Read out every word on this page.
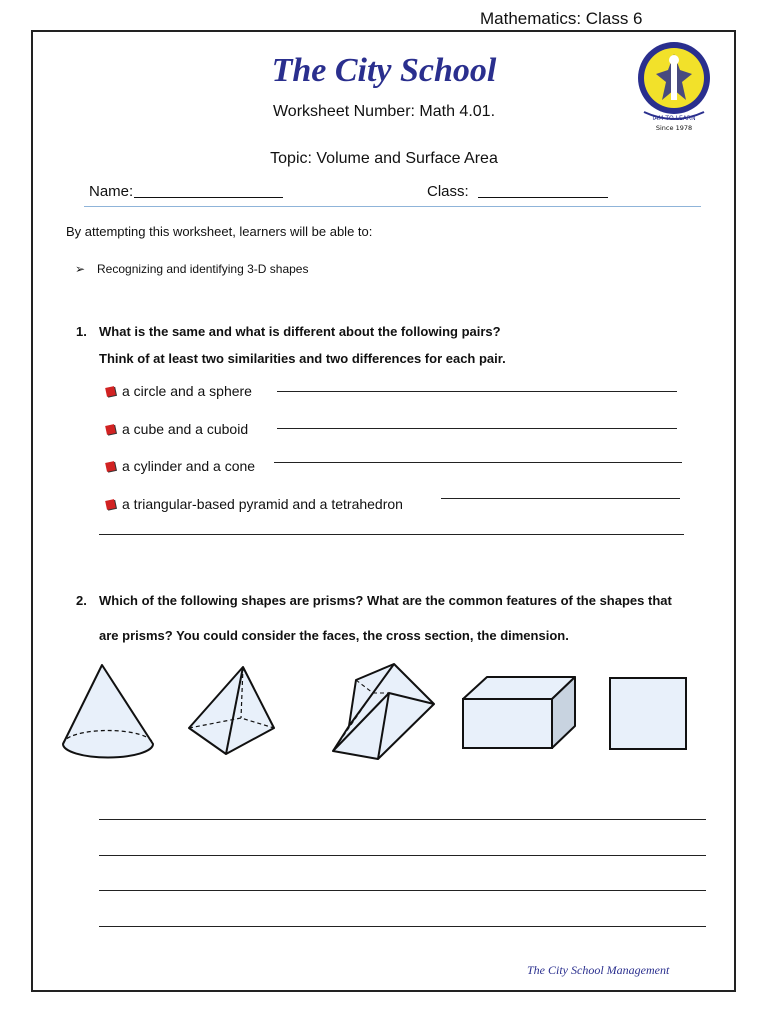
Mathematics: Class 6
The City School
IAM TO LEARN
Since 1978
Worksheet Number: Math 4.01.
Topic: Volume and Surface Area
Name:	Class:
By attempting this worksheet, learners will be able to:
➢ Recognizing and identifying 3-D shapes
1. What is the same and what is different about the following pairs?
Think of at least two similarities and two differences for each pair.
a circle and a sphere
a cube and a cuboid
a cylinder and a cone
a triangular-based pyramid and a tetrahedron
2. Which of the following shapes are prisms? What are the common features of the shapes that
are prisms? You could consider the faces, the cross section, the dimension.
The City School Management
